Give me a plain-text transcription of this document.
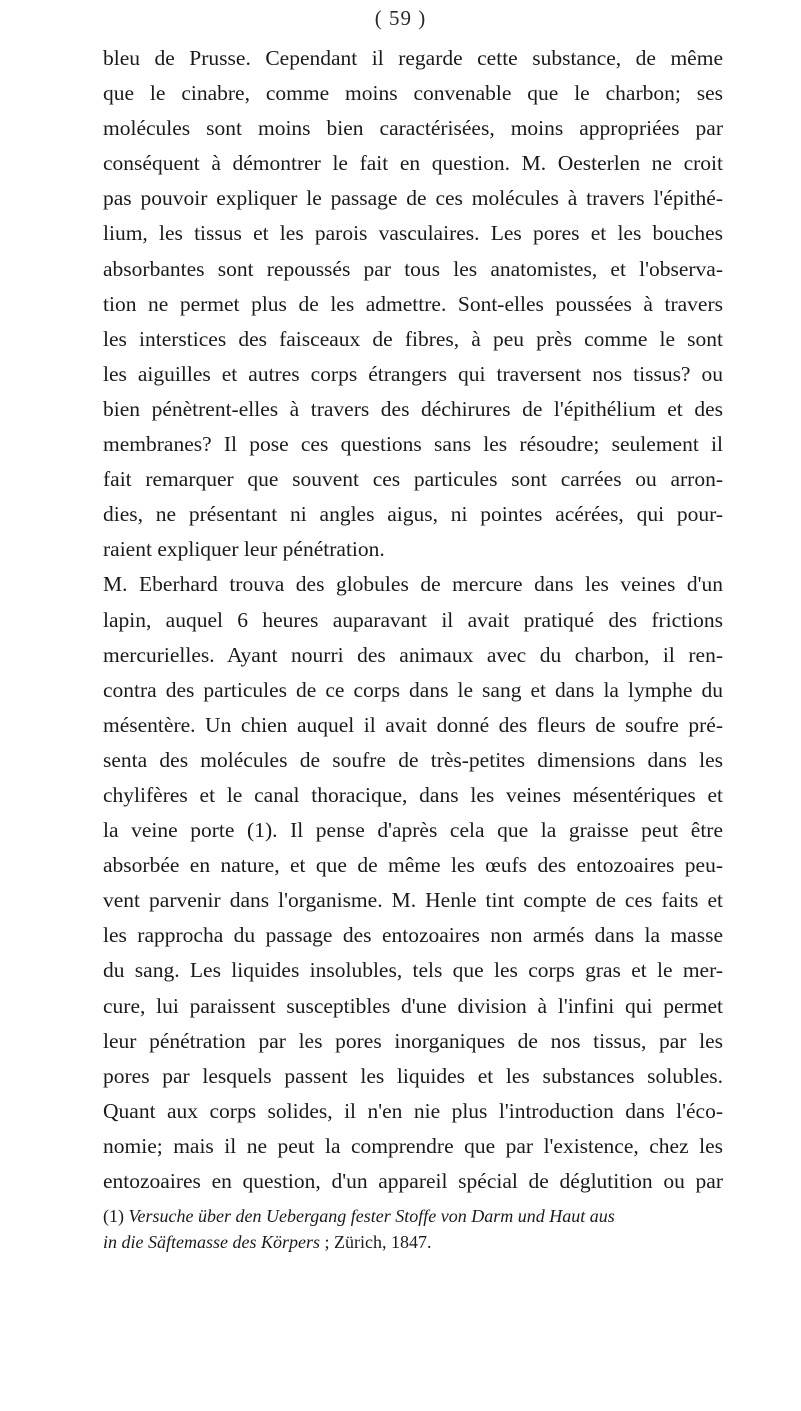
( 59 )
bleu de Prusse. Cependant il regarde cette substance, de même
que le cinabre, comme moins convenable que le charbon; ses
molécules sont moins bien caractérisées, moins appropriées par
conséquent à démontrer le fait en question. M. Oesterlen ne croit
pas pouvoir expliquer le passage de ces molécules à travers l'épithé-
lium, les tissus et les parois vasculaires. Les pores et les bouches
absorbantes sont repoussés par tous les anatomistes, et l'observa-
tion ne permet plus de les admettre. Sont-elles poussées à travers
les interstices des faisceaux de fibres, à peu près comme le sont
les aiguilles et autres corps étrangers qui traversent nos tissus? ou
bien pénètrent-elles à travers des déchirures de l'épithélium et des
membranes? Il pose ces questions sans les résoudre; seulement il
fait remarquer que souvent ces particules sont carrées ou arron-
dies, ne présentant ni angles aigus, ni pointes acérées, qui pour-
raient expliquer leur pénétration.
M. Eberhard trouva des globules de mercure dans les veines d'un
lapin, auquel 6 heures auparavant il avait pratiqué des frictions
mercurielles. Ayant nourri des animaux avec du charbon, il ren-
contra des particules de ce corps dans le sang et dans la lymphe du
mésentère. Un chien auquel il avait donné des fleurs de soufre pré-
senta des molécules de soufre de très-petites dimensions dans les
chylifères et le canal thoracique, dans les veines mésentériques et
la veine porte (1). Il pense d'après cela que la graisse peut être
absorbée en nature, et que de même les œufs des entozoaires peu-
vent parvenir dans l'organisme. M. Henle tint compte de ces faits et
les rapprocha du passage des entozoaires non armés dans la masse
du sang. Les liquides insolubles, tels que les corps gras et le mer-
cure, lui paraissent susceptibles d'une division à l'infini qui permet
leur pénétration par les pores inorganiques de nos tissus, par les
pores par lesquels passent les liquides et les substances solubles.
Quant aux corps solides, il n'en nie plus l'introduction dans l'éco-
nomie; mais il ne peut la comprendre que par l'existence, chez les
entozoaires en question, d'un appareil spécial de déglutition ou par
(1) Versuche über den Uebergang fester Stoffe von Darm und Haut aus
in die Säftemasse des Körpers ; Zürich, 1847.
